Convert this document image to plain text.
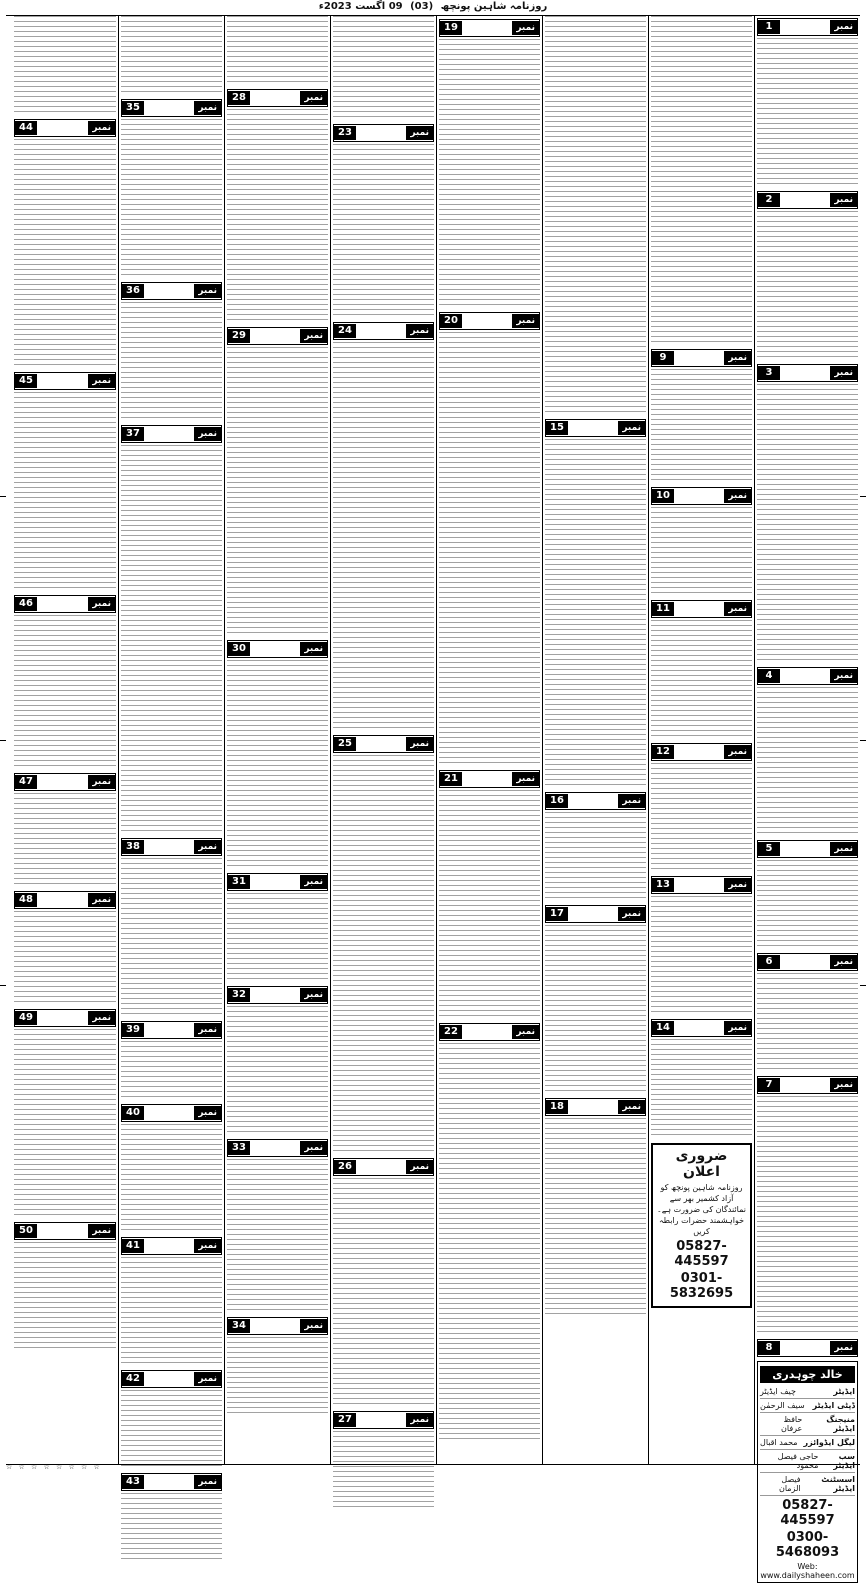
روزنامہ شاہین پونچھ (03) 09 اگست 2023ء
نمبر
1
نمبر
2
نمبر
3
نمبر
4
نمبر
5
نمبر
6
نمبر
7
نمبر
8
خالد چوہدری
ایڈیٹر
چیف ایڈیٹر
ڈپٹی ایڈیٹر
سیف الرحمٰن
منیجنگ ایڈیٹر
حافظ عرفان
لیگل ایڈوائزر
محمد اقبال
سب ایڈیٹر
حاجی فیصل محمود
اسسٹنٹ ایڈیٹر
فیصل الزمان
05827-445597
0300-5468093
Web: www.dailyshaheen.com
نمبر
9
نمبر
10
نمبر
11
نمبر
12
نمبر
13
نمبر
14
ضروری اعلان
روزنامہ شاہین پونچھ کو آزاد کشمیر بھر سے نمائندگان کی ضرورت ہے۔ خواہشمند حضرات رابطہ کریں
05827-445597
0301-5832695
نمبر
15
نمبر
16
نمبر
17
نمبر
18
نمبر
19
نمبر
20
نمبر
21
نمبر
22
نمبر
23
نمبر
24
نمبر
25
نمبر
26
نمبر
27
نمبر
28
نمبر
29
نمبر
30
نمبر
31
نمبر
32
نمبر
33
نمبر
34
نمبر
35
نمبر
36
نمبر
37
نمبر
38
نمبر
39
نمبر
40
نمبر
41
نمبر
42
نمبر
43
نمبر
44
نمبر
45
نمبر
46
نمبر
47
نمبر
48
نمبر
49
نمبر
50
☆ ☆ ☆ ☆ ☆ ☆ ☆ ☆
